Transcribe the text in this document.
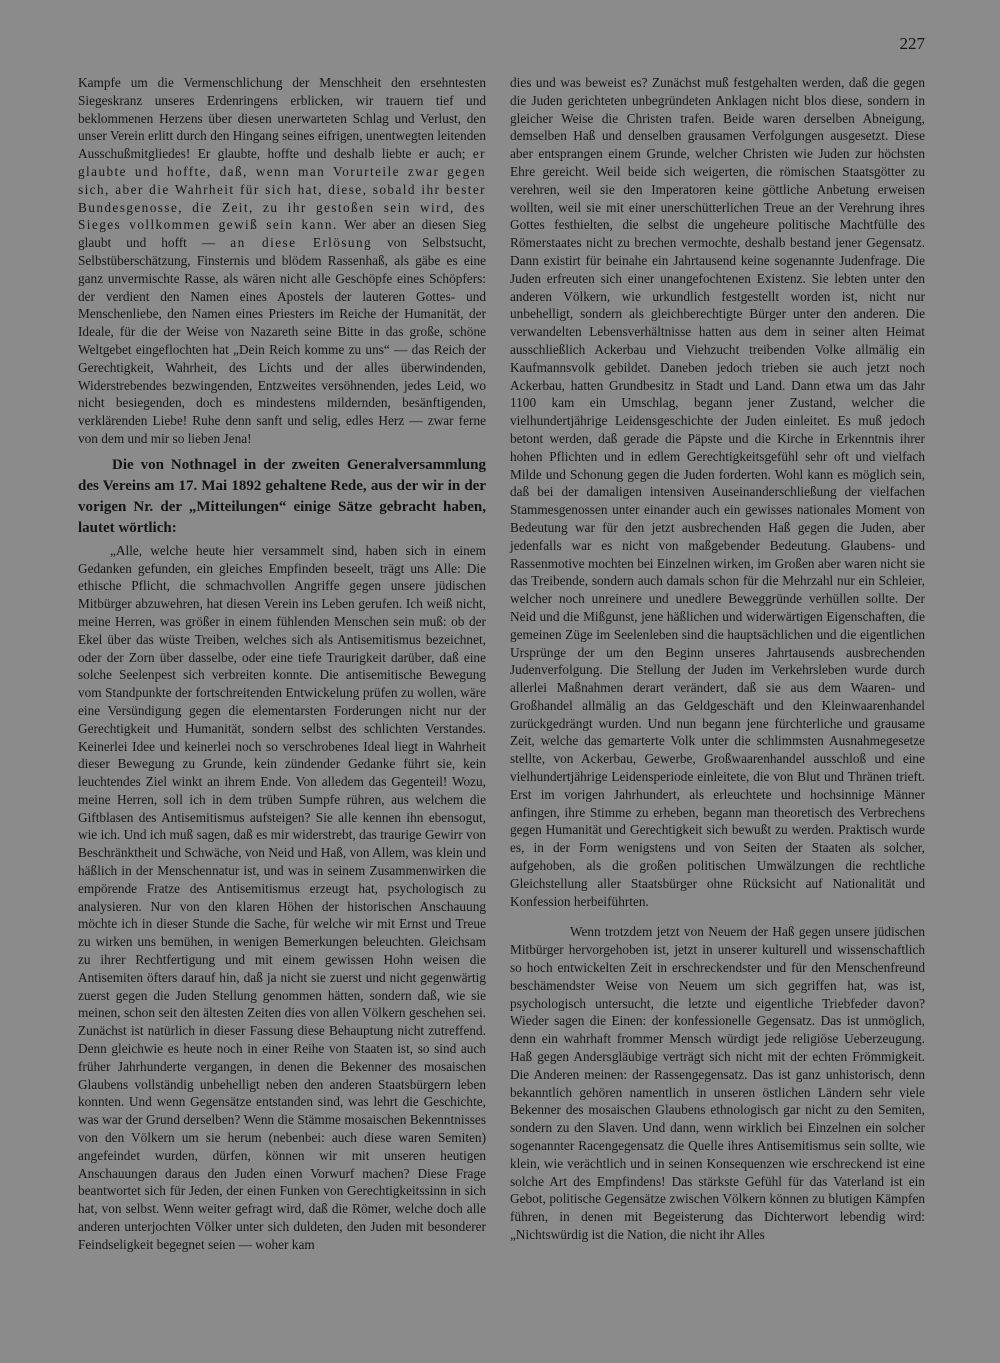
227

Kampfe um die Vermenschlichung der Menschheit den ersehntesten Siegeskranz unseres Erdenringens erblicken, wir trauern tief und beklommenen Herzens über diesen unerwarteten Schlag und Verlust, den unser Verein erlitt durch den Hingang seines eifrigen, unentwegten leitenden Ausschußmitgliedes! Er glaubte, hoffte und deshalb liebte er auch; er glaubte und hoffte, daß, wenn man Vorurteile zwar gegen sich, aber die Wahrheit für sich hat, diese, sobald ihr bester Bundesgenosse, die Zeit, zu ihr gestoßen sein wird, des Sieges vollkommen gewiß sein kann. Wer aber an diesen Sieg glaubt und hofft — an diese Erlösung von Selbstsucht, Selbstüberschätzung, Finsternis und blödem Rassenhaß, als gäbe es eine ganz unvermischte Rasse, als wären nicht alle Geschöpfe eines Schöpfers: der verdient den Namen eines Apostels der lauteren Gottes- und Menschenliebe, den Namen eines Priesters im Reiche der Humanität, der Ideale, für die der Weise von Nazareth seine Bitte in das große, schöne Weltgebet eingeflochten hat „Dein Reich komme zu uns“ — das Reich der Gerechtigkeit, Wahrheit, des Lichts und der alles überwindenden, Widerstrebendes bezwingenden, Entzweites versöhnenden, jedes Leid, wo nicht besiegenden, doch es mindestens mildernden, besänftigenden, verklärenden Liebe! Ruhe denn sanft und selig, edles Herz — zwar ferne von dem und mir so lieben Jena!

Die von Nothnagel in der zweiten Generalversammlung des Vereins am 17. Mai 1892 gehaltene Rede, aus der wir in der vorigen Nr. der „Mitteilungen“ einige Sätze gebracht haben, lautet wörtlich:

„Alle, welche heute hier versammelt sind, haben sich in einem Gedanken gefunden, ein gleiches Empfinden beseelt, trägt uns Alle: Die ethische Pflicht, die schmachvollen Angriffe gegen unsere jüdischen Mitbürger abzuwehren, hat diesen Verein ins Leben gerufen. Ich weiß nicht, meine Herren, was größer in einem fühlenden Menschen sein muß: ob der Ekel über das wüste Treiben, welches sich als Antisemitismus bezeichnet, oder der Zorn über dasselbe, oder eine tiefe Traurigkeit darüber, daß eine solche Seelenpest sich verbreiten konnte. Die antisemitische Bewegung vom Standpunkte der fortschreitenden Entwickelung prüfen zu wollen, wäre eine Versündigung gegen die elementarsten Forderungen nicht nur der Gerechtigkeit und Humanität, sondern selbst des schlichten Verstandes. Keinerlei Idee und keinerlei noch so verschrobenes Ideal liegt in Wahrheit dieser Bewegung zu Grunde, kein zündender Gedanke führt sie, kein leuchtendes Ziel winkt an ihrem Ende. Von alledem das Gegenteil! Wozu, meine Herren, soll ich in dem trüben Sumpfe rühren, aus welchem die Giftblasen des Antisemitismus aufsteigen? Sie alle kennen ihn ebensogut, wie ich. Und ich muß sagen, daß es mir widerstrebt, das traurige Gewirr von Beschränktheit und Schwäche, von Neid und Haß, von Allem, was klein und häßlich in der Menschennatur ist, und was in seinem Zusammenwirken die empörende Fratze des Antisemitismus erzeugt hat, psychologisch zu analysieren. Nur von den klaren Höhen der historischen Anschauung möchte ich in dieser Stunde die Sache, für welche wir mit Ernst und Treue zu wirken uns bemühen, in wenigen Bemerkungen beleuchten. Gleichsam zu ihrer Rechtfertigung und mit einem gewissen Hohn weisen die Antisemiten öfters darauf hin, daß ja nicht sie zuerst und nicht gegenwärtig zuerst gegen die Juden Stellung genommen hätten, sondern daß, wie sie meinen, schon seit den ältesten Zeiten dies von allen Völkern geschehen sei. Zunächst ist natürlich in dieser Fassung diese Behauptung nicht zutreffend. Denn gleichwie es heute noch in einer Reihe von Staaten ist, so sind auch früher Jahrhunderte vergangen, in denen die Bekenner des mosaischen Glaubens vollständig unbehelligt neben den anderen Staatsbürgern leben konnten. Und wenn Gegensätze entstanden sind, was lehrt die Geschichte, was war der Grund derselben? Wenn die Stämme mosaischen Bekenntnisses von den Völkern um sie herum (nebenbei: auch diese waren Semiten) angefeindet wurden, dürfen, können wir mit unseren heutigen Anschauungen daraus den Juden einen Vorwurf machen? Diese Frage beantwortet sich für Jeden, der einen Funken von Gerechtigkeitssinn in sich hat, von selbst. Wenn weiter gefragt wird, daß die Römer, welche doch alle anderen unterjochten Völker unter sich duldeten, den Juden mit besonderer Feindseligkeit begegnet seien — woher kam

dies und was beweist es? Zunächst muß festgehalten werden, daß die gegen die Juden gerichteten unbegründeten Anklagen nicht blos diese, sondern in gleicher Weise die Christen trafen. Beide waren derselben Abneigung, demselben Haß und denselben grausamen Verfolgungen ausgesetzt. Diese aber entsprangen einem Grunde, welcher Christen wie Juden zur höchsten Ehre gereicht. Weil beide sich weigerten, die römischen Staatsgötter zu verehren, weil sie den Imperatoren keine göttliche Anbetung erweisen wollten, weil sie mit einer unerschütterlichen Treue an der Verehrung ihres Gottes festhielten, die selbst die ungeheure politische Machtfülle des Römerstaates nicht zu brechen vermochte, deshalb bestand jener Gegensatz. Dann existirt für beinahe ein Jahrtausend keine sogenannte Judenfrage. Die Juden erfreuten sich einer unangefochtenen Existenz. Sie lebten unter den anderen Völkern, wie urkundlich festgestellt worden ist, nicht nur unbehelligt, sondern als gleichberechtigte Bürger unter den anderen. Die verwandelten Lebensverhältnisse hatten aus dem in seiner alten Heimat ausschließlich Ackerbau und Viehzucht treibenden Volke allmälig ein Kaufmannsvolk gebildet. Daneben jedoch trieben sie auch jetzt noch Ackerbau, hatten Grundbesitz in Stadt und Land. Dann etwa um das Jahr 1100 kam ein Umschlag, begann jener Zustand, welcher die vielhundertjährige Leidensgeschichte der Juden einleitet. Es muß jedoch betont werden, daß gerade die Päpste und die Kirche in Erkenntnis ihrer hohen Pflichten und in edlem Gerechtigkeitsgefühl sehr oft und vielfach Milde und Schonung gegen die Juden forderten. Wohl kann es möglich sein, daß bei der damaligen intensiven Auseinanderschließung der vielfachen Stammesgenossen unter einander auch ein gewisses nationales Moment von Bedeutung war für den jetzt ausbrechenden Haß gegen die Juden, aber jedenfalls war es nicht von maßgebender Bedeutung. Glaubens- und Rassenmotive mochten bei Einzelnen wirken, im Großen aber waren nicht sie das Treibende, sondern auch damals schon für die Mehrzahl nur ein Schleier, welcher noch unreinere und unedlere Beweggründe verhüllen sollte. Der Neid und die Mißgunst, jene häßlichen und widerwärtigen Eigenschaften, die gemeinen Züge im Seelenleben sind die hauptsächlichen und die eigentlichen Ursprünge der um den Beginn unseres Jahrtausends ausbrechenden Judenverfolgung. Die Stellung der Juden im Verkehrsleben wurde durch allerlei Maßnahmen derart verändert, daß sie aus dem Waaren- und Großhandel allmälig an das Geldgeschäft und den Kleinwaarenhandel zurückgedrängt wurden. Und nun begann jene fürchterliche und grausame Zeit, welche das gemarterte Volk unter die schlimmsten Ausnahmegesetze stellte, von Ackerbau, Gewerbe, Großwaarenhandel ausschloß und eine vielhundertjährige Leidensperiode einleitete, die von Blut und Thränen trieft. Erst im vorigen Jahrhundert, als erleuchtete und hochsinnige Männer anfingen, ihre Stimme zu erheben, begann man theoretisch des Verbrechens gegen Humanität und Gerechtigkeit sich bewußt zu werden. Praktisch wurde es, in der Form wenigstens und von Seiten der Staaten als solcher, aufgehoben, als die großen politischen Umwälzungen die rechtliche Gleichstellung aller Staatsbürger ohne Rücksicht auf Nationalität und Konfession herbeiführten.

Wenn trotzdem jetzt von Neuem der Haß gegen unsere jüdischen Mitbürger hervorgehoben ist, jetzt in unserer kulturell und wissenschaftlich so hoch entwickelten Zeit in erschreckendster und für den Menschenfreund beschämendster Weise von Neuem um sich gegriffen hat, was ist, psychologisch untersucht, die letzte und eigentliche Triebfeder davon? Wieder sagen die Einen: der konfessionelle Gegensatz. Das ist unmöglich, denn ein wahrhaft frommer Mensch würdigt jede religiöse Ueberzeugung. Haß gegen Andersgläubige verträgt sich nicht mit der echten Frömmigkeit. Die Anderen meinen: der Rassengegensatz. Das ist ganz unhistorisch, denn bekanntlich gehören namentlich in unseren östlichen Ländern sehr viele Bekenner des mosaischen Glaubens ethnologisch gar nicht zu den Semiten, sondern zu den Slaven. Und dann, wenn wirklich bei Einzelnen ein solcher sogenannter Racengegensatz die Quelle ihres Antisemitismus sein sollte, wie klein, wie verächtlich und in seinen Konsequenzen wie erschreckend ist eine solche Art des Empfindens! Das stärkste Gefühl für das Vaterland ist ein Gebot, politische Gegensätze zwischen Völkern können zu blutigen Kämpfen führen, in denen mit Begeisterung das Dichterwort lebendig wird: „Nichtswürdig ist die Nation, die nicht ihr Alles
